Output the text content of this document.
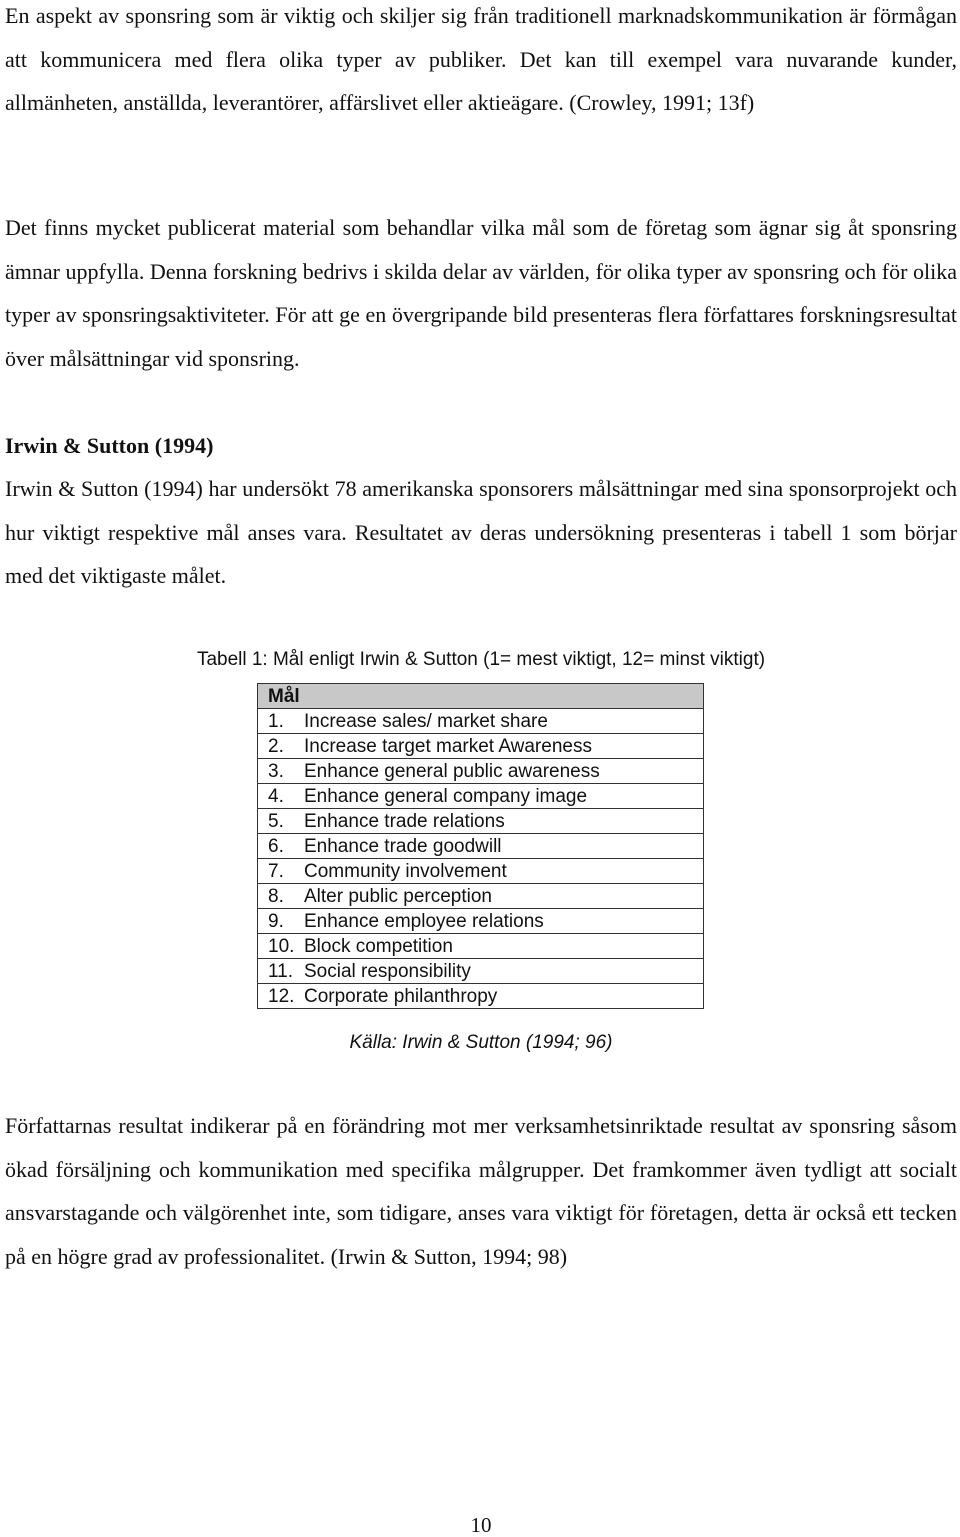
En aspekt av sponsring som är viktig och skiljer sig från traditionell marknadskommunikation är förmågan att kommunicera med flera olika typer av publiker. Det kan till exempel vara nuvarande kunder, allmänheten, anställda, leverantörer, affärslivet eller aktieägare. (Crowley, 1991; 13f)

Det finns mycket publicerat material som behandlar vilka mål som de företag som ägnar sig åt sponsring ämnar uppfylla. Denna forskning bedrivs i skilda delar av världen, för olika typer av sponsring och för olika typer av sponsringsaktiviteter. För att ge en övergripande bild presenteras flera författares forskningsresultat över målsättningar vid sponsring.

Irwin & Sutton (1994)

Irwin & Sutton (1994) har undersökt 78 amerikanska sponsorers målsättningar med sina sponsorprojekt och hur viktigt respektive mål anses vara. Resultatet av deras undersökning presenteras i tabell 1 som börjar med det viktigaste målet.

Tabell 1: Mål enligt Irwin & Sutton (1= mest viktigt, 12= minst viktigt)
Mål
1. Increase sales/ market share
2. Increase target market Awareness
3. Enhance general public awareness
4. Enhance general company image
5. Enhance trade relations
6. Enhance trade goodwill
7. Community involvement
8. Alter public perception
9. Enhance employee relations
10. Block competition
11. Social responsibility
12. Corporate philanthropy
Källa: Irwin & Sutton (1994; 96)

Författarnas resultat indikerar på en förändring mot mer verksamhetsinriktade resultat av sponsring såsom ökad försäljning och kommunikation med specifika målgrupper. Det framkommer även tydligt att socialt ansvarstagande och välgörenhet inte, som tidigare, anses vara viktigt för företagen, detta är också ett tecken på en högre grad av professionalitet. (Irwin & Sutton, 1994; 98)

10
